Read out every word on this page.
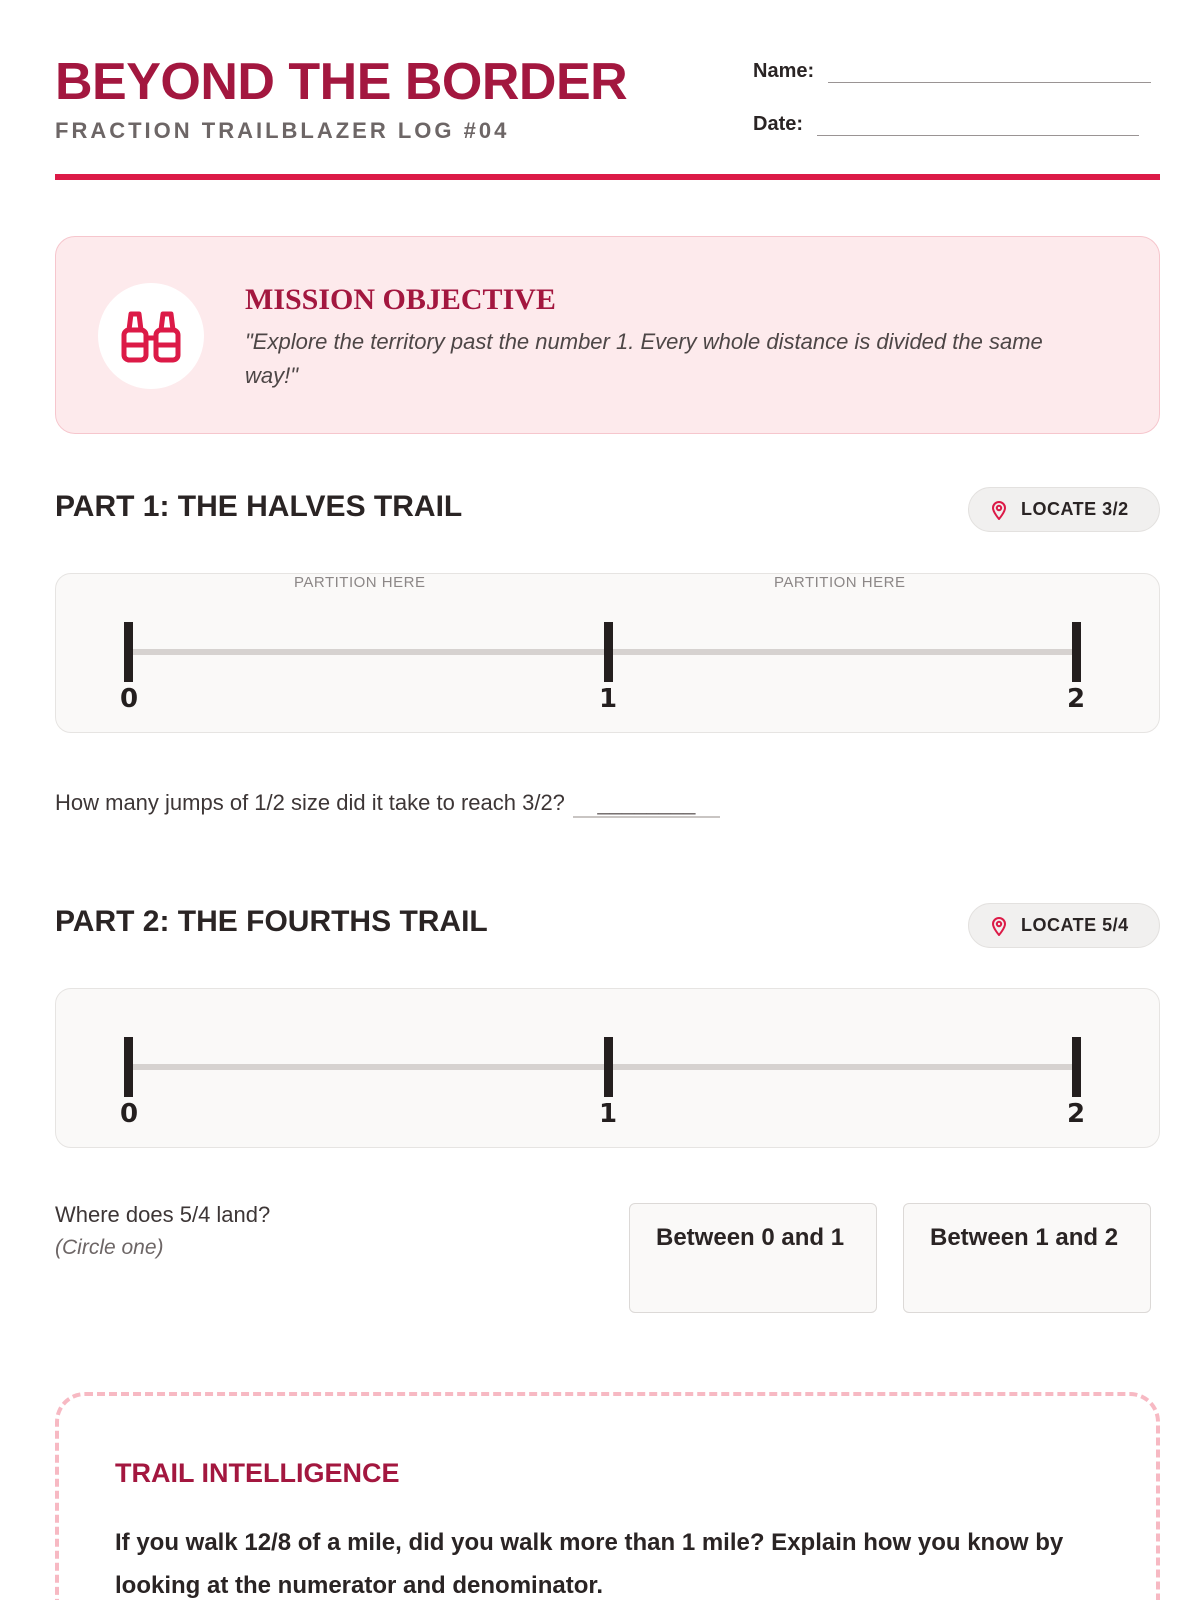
BEYOND THE BORDER
FRACTION TRAILBLAZER LOG #04
Name:
Date:
MISSION OBJECTIVE

"Explore the territory past the number 1. Every whole distance is divided the same way!"

PART 1: THE HALVES TRAIL	LOCATE 3/2
PARTITION HERE	PARTITION HERE
0	1	2
How many jumps of 1/2 size did it take to reach 3/2? ________
PART 2: THE FOURTHS TRAIL	LOCATE 5/4
0	1	2
Where does 5/4 land?
(Circle one)	Between 0 and 1	Between 1 and 2
TRAIL INTELLIGENCE

If you walk 12/8 of a mile, did you walk more than 1 mile? Explain how you know by looking at the numerator and denominator.
